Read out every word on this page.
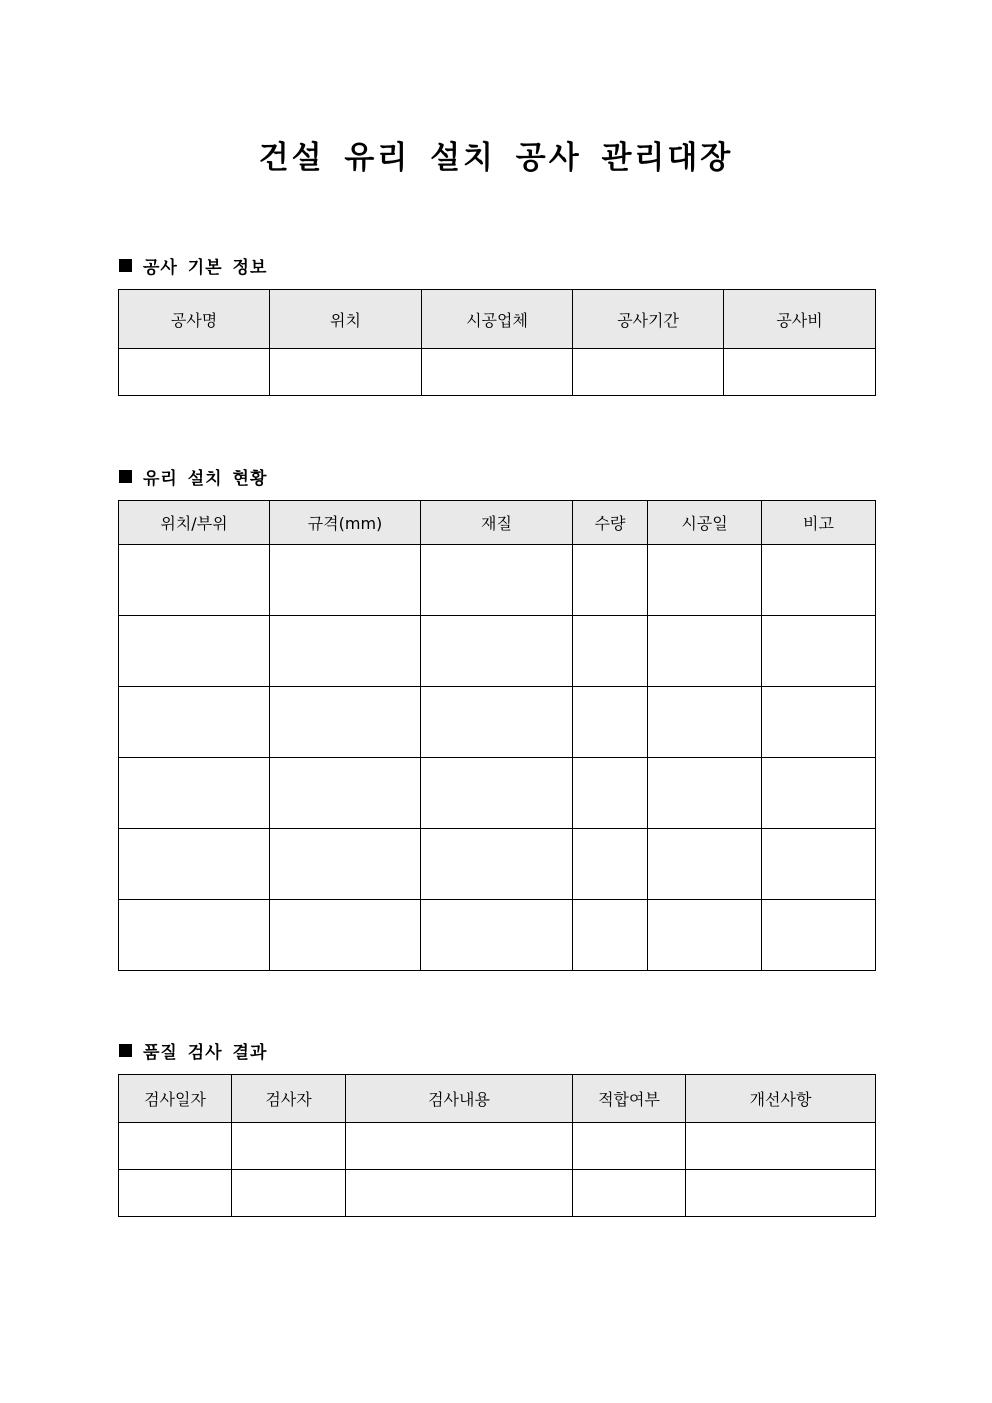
건설 유리 설치 공사 관리대장
공사 기본 정보
공사명	위치	시공업체	공사기간	공사비

유리 설치 현황
위치/부위	규격(mm)	재질	수량	시공일	비고

품질 검사 결과
검사일자	검사자	검사내용	적합여부	개선사항
